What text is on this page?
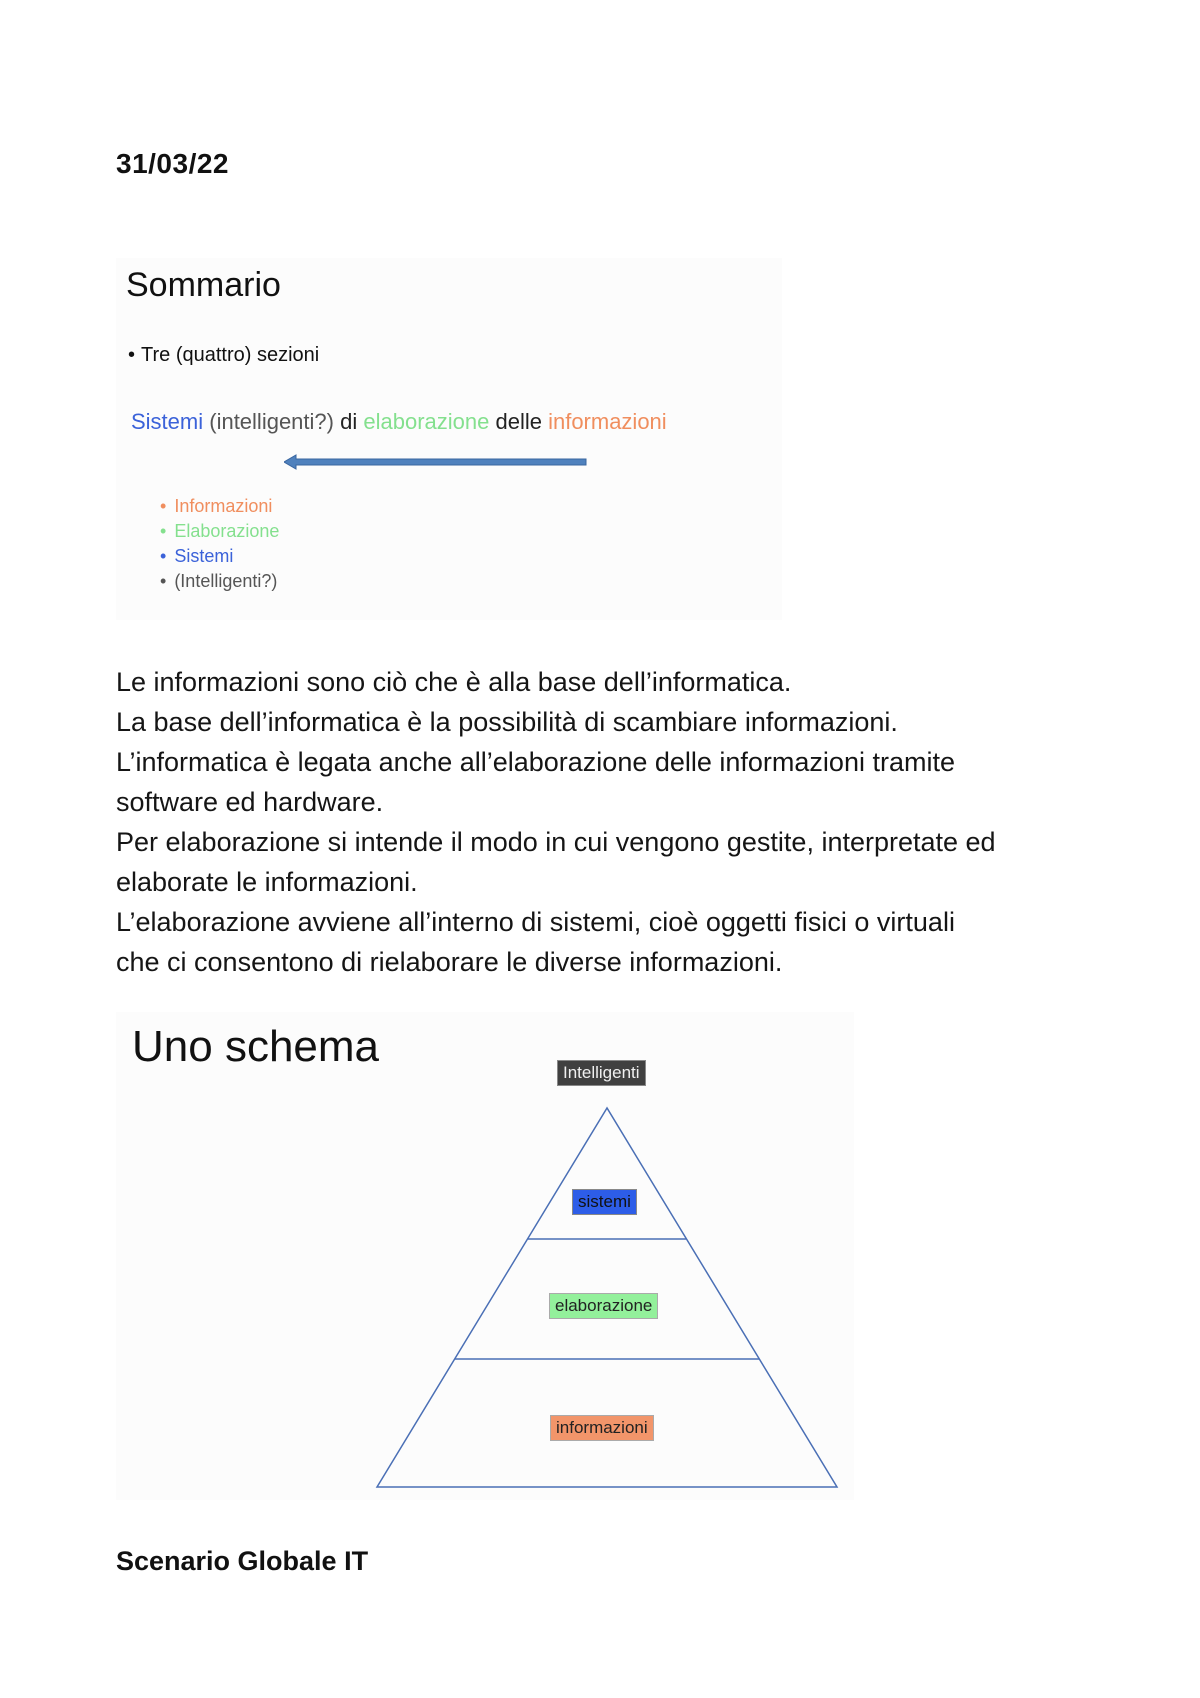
31/03/22
Sommario
• Tre (quattro) sezioni
Sistemi (intelligenti?) di elaborazione delle informazioni
• Informazioni
• Elaborazione
• Sistemi
• (Intelligenti?)
Le informazioni sono ciò che è alla base dell’informatica.
La base dell’informatica è la possibilità di scambiare informazioni.
L’informatica è legata anche all’elaborazione delle informazioni tramite
software ed hardware.
Per elaborazione si intende il modo in cui vengono gestite, interpretate ed
elaborate le informazioni.
L’elaborazione avviene all’interno di sistemi, cioè oggetti fisici o virtuali
che ci consentono di rielaborare le diverse informazioni.
Uno schema
Intelligenti
sistemi
elaborazione
informazioni
Scenario Globale IT
